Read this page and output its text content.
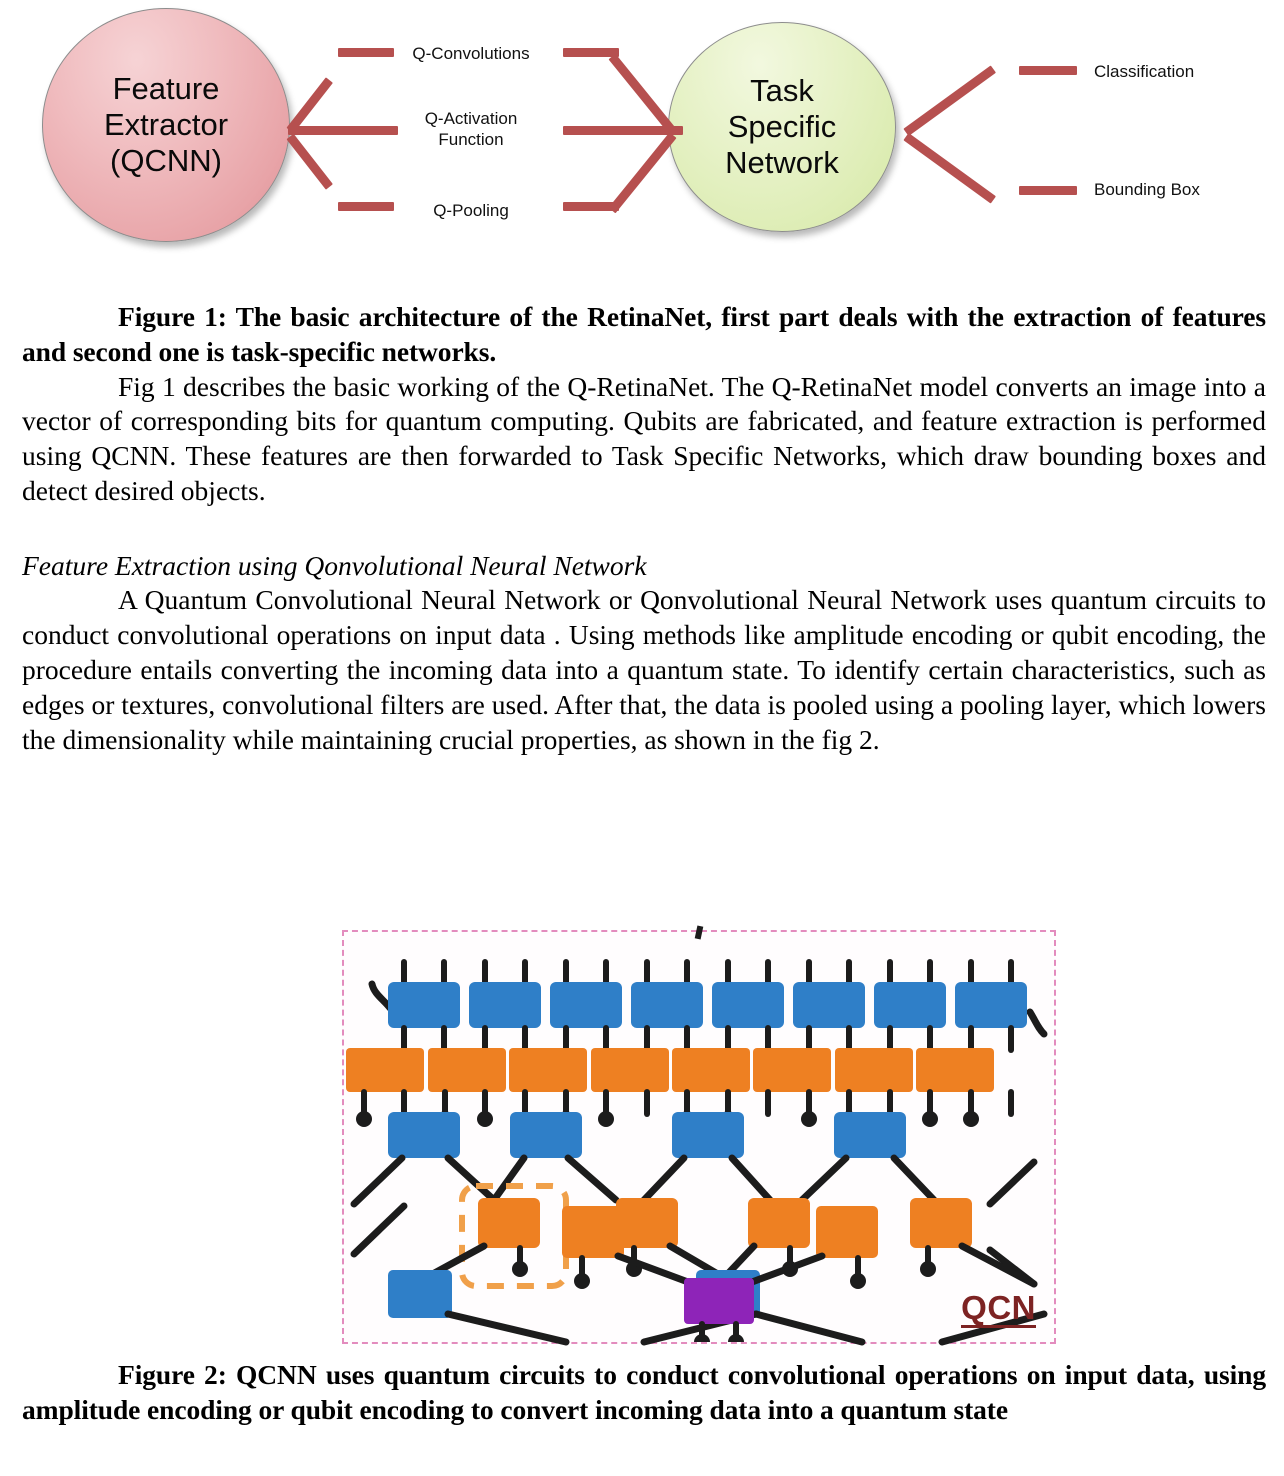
Feature
Extractor
(QCNN)
Task
Specific
Network
Q-Convolutions
Q-Activation
Function
Q-Pooling
Classification
Bounding Box

Figure 1: The basic architecture of the RetinaNet, first part deals with the extraction of features and second one is task-specific networks.

Fig 1 describes the basic working of the Q-RetinaNet. The Q-RetinaNet model converts an image into a vector of corresponding bits for quantum computing. Qubits are fabricated, and feature extraction is performed using QCNN. These features are then forwarded to Task Specific Networks, which draw bounding boxes and detect desired objects.

Feature Extraction using Qonvolutional Neural Network

A Quantum Convolutional Neural Network or Qonvolutional Neural Network uses quantum circuits to conduct convolutional operations on input data . Using methods like amplitude encoding or qubit encoding, the procedure entails converting the incoming data into a quantum state. To identify certain characteristics, such as edges or textures, convolutional filters are used. After that, the data is pooled using a pooling layer, which lowers the dimensionality while maintaining crucial properties, as shown in the fig 2.

QCN

Figure 2: QCNN uses quantum circuits to conduct convolutional operations on input data, using amplitude encoding or qubit encoding to convert incoming data into a quantum state
